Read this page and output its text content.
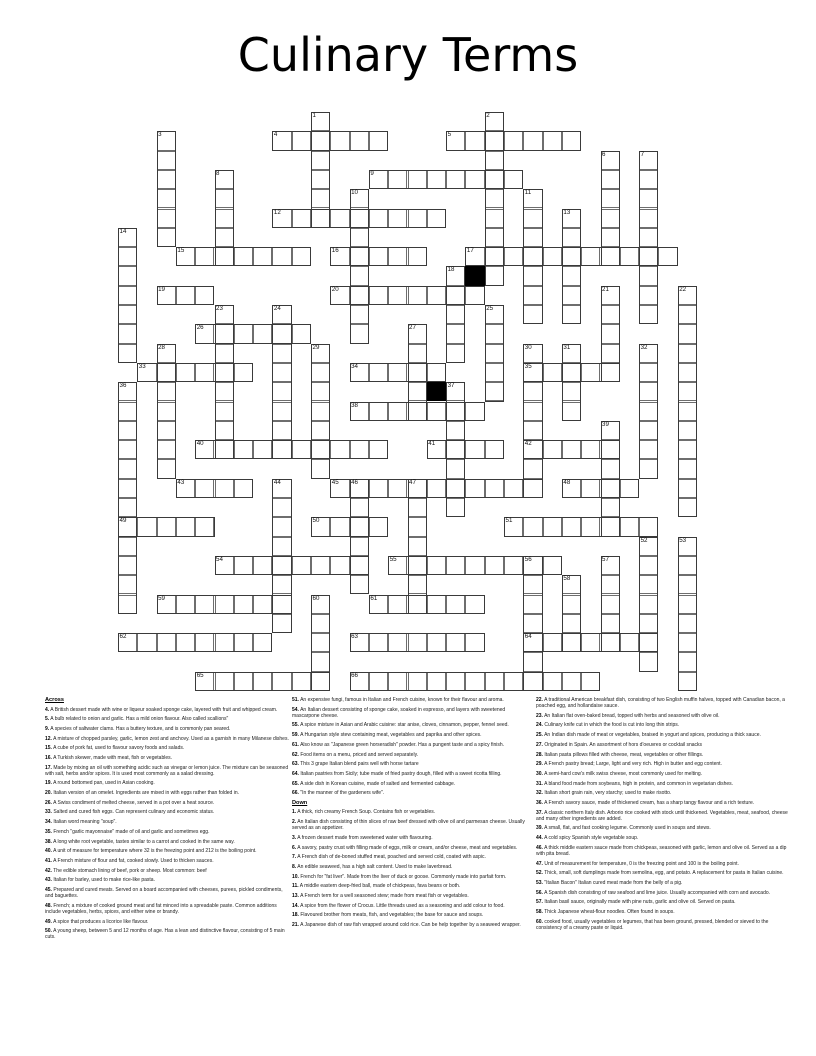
Culinary Terms
1	2
3	4	5
6	7
8	9
10	11
12	13
14
15	16	17
18
19	20	21	22
23	24	25
26	27
28	29	30	31	32
33	34	35
36	37
38
39
40	41	42
43	44	45 46	47	48
49	50	51
52	53
54	55	56	57
58
59	60	61
62	63	64
65	66
Across

4. A British dessert made with wine or liqueur soaked sponge cake, layered with fruit and whipped cream.

5. A bulb related to onion and garlic. Has a mild onion flavour. Also called scallions"

9. A species of saltwater clams. Has a buttery texture, and is commonly pan seared.

12. A mixture of chopped parsley, garlic, lemon zest and anchovy. Used as a garnish in many Milanese dishes.

15. A cube of pork fat, used to flavour savory foods and salads.

16. A Turkish skewer, made with meat, fish or vegetables.

17. Made by mixing an oil with something acidic such as vinegar or lemon juice. The mixture can be seasoned with salt, herbs and/or spices. It is used most commonly as a salad dressing.

19. A round bottomed pan, used in Asian cooking.

20. Italian version of an omelet. Ingredients are mixed in with eggs rather than folded in.

26. A Swiss condiment of melted cheese, served in a pot over a heat source.

33. Salted and cured fish eggs. Can represent culinary and economic status.

34. Italian word meaning "soup".

35. French "garlic mayonnaise" made of oil and garlic and sometimes egg.

38. A long white root vegetable, tastes similar to a carrot and cooked in the same way.

40. A unit of measure for temperature where 32 is the freezing point and 212 is the boiling point.

41. A French mixture of flour and fat, cooked slowly. Used to thicken sauces.

42. The edible stomach lining of beef, pork or sheep. Most common: beef

43. Italian for barley, used to make rice-like pasta.

45. Prepared and cured meats. Served on a board accompanied with cheeses, purees, pickled condiments, and baguettes.

48. French; a mixture of cooked ground meat and fat minced into a spreadable paste. Common additions include vegetables, herbs, spices, and either wine or brandy.

49. A spice that produces a licorice like flavour.

50. A young sheep, between 5 and 12 months of age. Has a lean and distinctive flavour, consisting of 5 main cuts.

51. An expensive fungi, famous in Italian and French cuisine, known for their flavour and aroma.

54. An Italian dessert consisting of sponge cake, soaked in espresso, and layers with sweetened mascarpone cheese.

55. A spice mixture in Asian and Arabic cuisine: star anise, cloves, cinnamon, pepper, fennel seed.

59. A Hungarian style stew containing meat, vegetables and paprika and other spices.

61. Also know as "Japanese green horseradish" powder. Has a pungent taste and a spicy finish.

62. Food items on a menu, priced and served separately.

63. This 3 grape Italian blend pairs well with horse tartare

64. Italian pastries from Sicily; tube made of fried pastry dough, filled with a sweet ricotta filling.

65. A side dish in Korean cuisine, made of salted and fermented cabbage.

66. "In the manner of the gardeners wife".

Down

1. A thick, rich creamy French Soup. Contains fish or vegetables.

2. An Italian dish consisting of thin slices of raw beef dressed with olive oil and parmesan cheese. Usually served as an appetizer.

3. A frozen dessert made from sweetened water with flavouring.

6. A savory, pastry crust with filling made of eggs, milk or cream, and/or cheese, meat and vegetables.

7. A French dish of de-boned stuffed meat, poached and served cold, coated with aspic.

8. An edible seaweed, has a high salt content. Used to make laverbread.

10. French for "fat liver". Made from the liver of duck or goose. Commonly made into parfait form.

11. A middle eastern deep-fried ball, made of chickpeas, fava beans or both.

13. A French term for a well seasoned stew; made from meat fish or vegetables.

14. A spice from the flower of Crocus. Little threads used as a seasoning and add colour to food.

18. Flavoured brother from meats, fish, and vegetables; the base for sauce and soups.

21. A Japanese dish of raw fish wrapped around cold rice. Can be help together by a seaweed wrapper.

22. A traditional American breakfast dish, consisting of two English muffin halves, topped with Canadian bacon, a poached egg, and hollandaise sauce.

23. An Italian flat oven-baked bread, topped with herbs and seasoned with olive oil.

24. Culinary knife cut in which the food is cut into long thin strips.

25. An Indian dish made of meat or vegetables, braised in yogurt and spices, producing a thick sauce.

27. Originated in Spain. An assortment of hors d'oeuvres or cocktail snacks

28. Italian pasta pillows filled with cheese, meat, vegetables or other fillings.

29. A French pastry bread; Large, light and very rich. High in butter and egg content.

30. A semi-hard cow's milk swiss cheese, most commonly used for melting.

31. A bland food made from soybeans, high in protein, and common in vegetarian dishes.

32. Italian short grain rain, very starchy; used to make risotto.

36. A French savory sauce, made of thickened cream, has a sharp tangy flavour and a rich texture.

37. A classic northern Italy dish. Arborio rice cooked with stock until thickened. Vegetables, meat, seafood, cheese and many other ingredients are added.

39. A small, flat, and fast cooking legume. Commonly used in soups and stews.

44. A cold spicy Spanish style vegetable soup.

46. A thick middle eastern sauce made from chickpeas, seasoned with garlic, lemon and olive oil. Served as a dip with pita bread.

47. Unit of measurement for temperature, 0 is the freezing point and 100 is the boiling point.

52. Thick, small, soft dumplings made from semolina, egg, and potato. A replacement for pasta in Italian cuisine.

53. "Italian Bacon" Italian cured meat made from the belly of a pig.

56. A Spanish dish consisting of raw seafood and lime juice. Usually accompanied with corn and avocado.

57. Italian basil sauce, originally made with pine nuts, garlic and olive oil. Served on pasta.

58. Thick Japanese wheat-flour noodles. Often found in soups.

60. cooked food, usually vegetables or legumes, that has been ground, pressed, blended or sieved to the consistency of a creamy paste or liquid.
